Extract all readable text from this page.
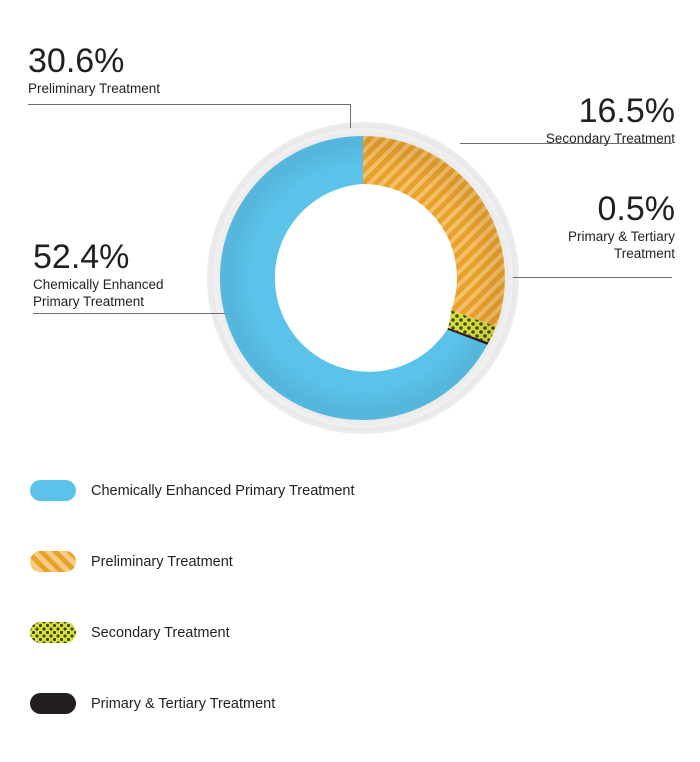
30.6%
Preliminary Treatment
52.4%
Chemically Enhanced
Primary Treatment
16.5%
Secondary Treatment
0.5%
Primary & Tertiary Treatment
Chemically Enhanced Primary Treatment
Preliminary Treatment
Secondary Treatment
Primary & Tertiary Treatment
